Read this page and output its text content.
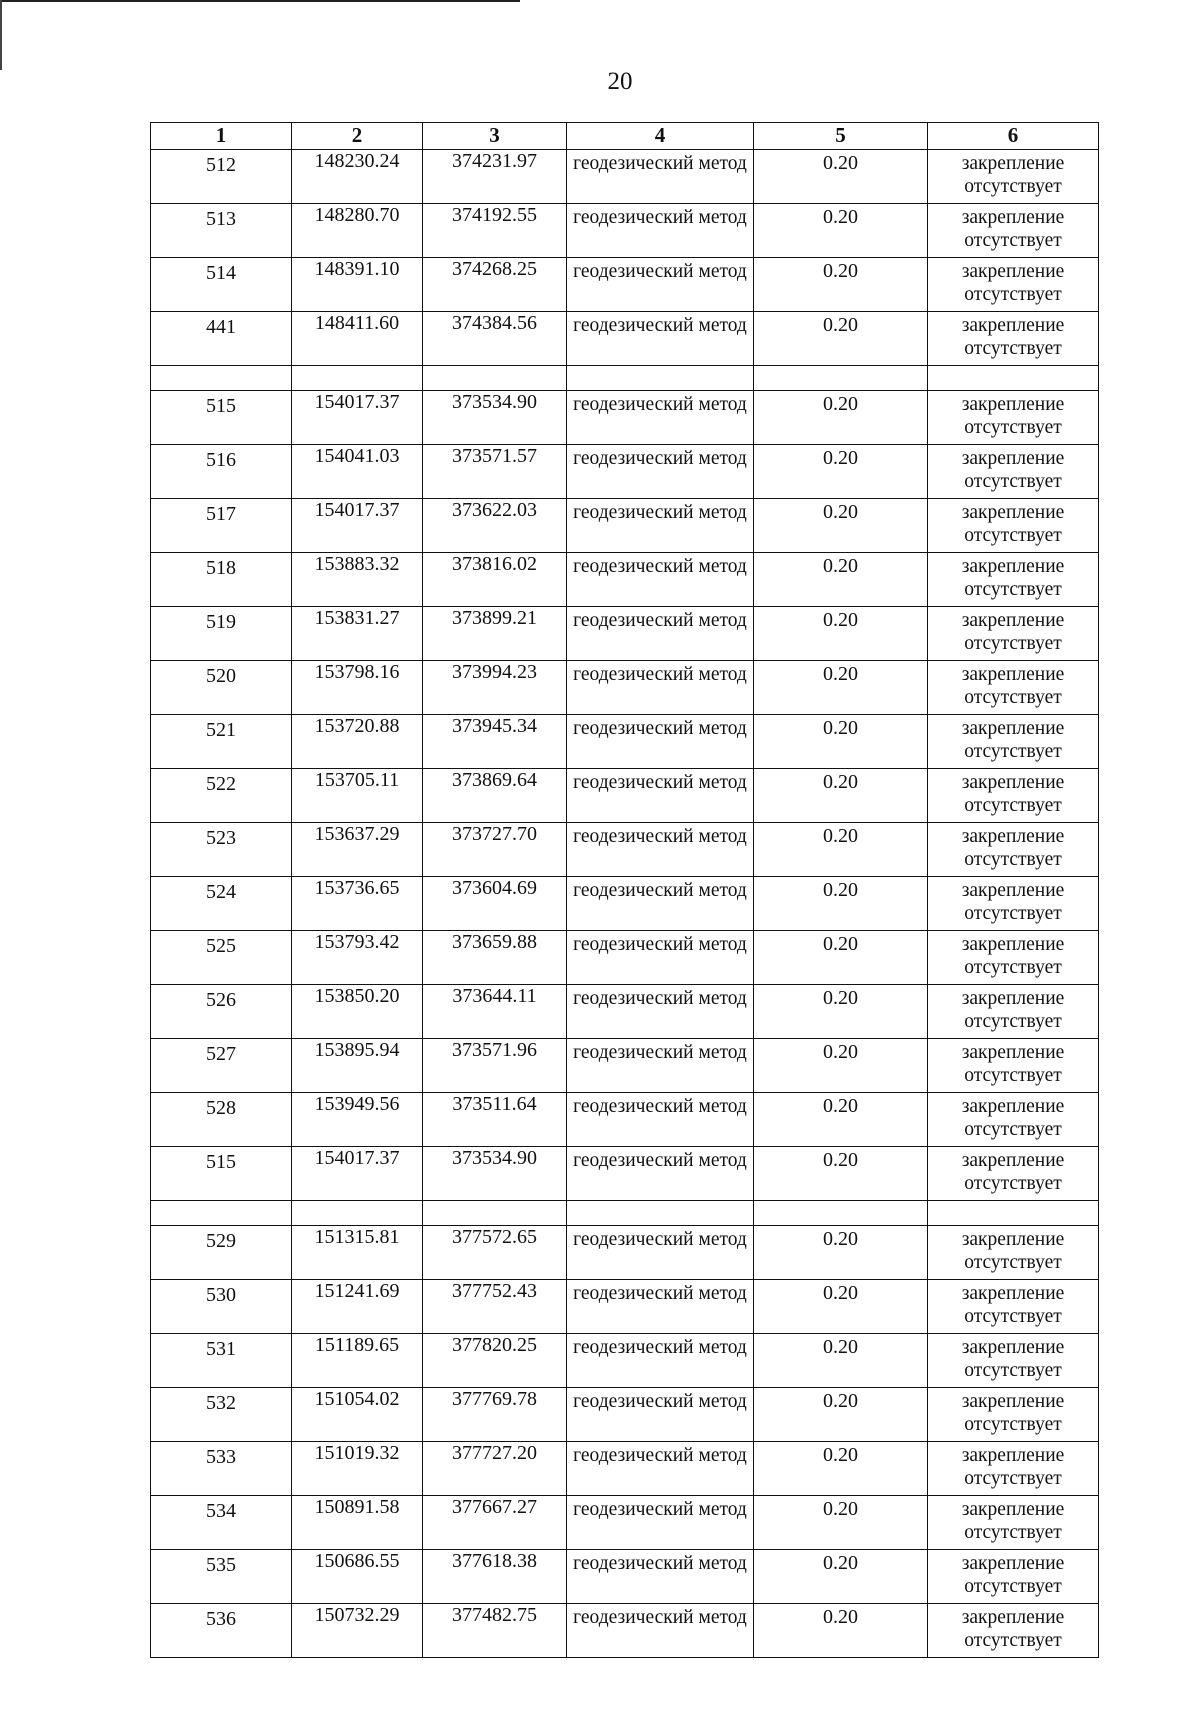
20
1	2	3	4	5	6
512	148230.24	374231.97	геодезический метод	0.20	закрепление отсутствует
513	148280.70	374192.55	геодезический метод	0.20	закрепление отсутствует
514	148391.10	374268.25	геодезический метод	0.20	закрепление отсутствует
441	148411.60	374384.56	геодезический метод	0.20	закрепление отсутствует

515	154017.37	373534.90	геодезический метод	0.20	закрепление отсутствует
516	154041.03	373571.57	геодезический метод	0.20	закрепление отсутствует
517	154017.37	373622.03	геодезический метод	0.20	закрепление отсутствует
518	153883.32	373816.02	геодезический метод	0.20	закрепление отсутствует
519	153831.27	373899.21	геодезический метод	0.20	закрепление отсутствует
520	153798.16	373994.23	геодезический метод	0.20	закрепление отсутствует
521	153720.88	373945.34	геодезический метод	0.20	закрепление отсутствует
522	153705.11	373869.64	геодезический метод	0.20	закрепление отсутствует
523	153637.29	373727.70	геодезический метод	0.20	закрепление отсутствует
524	153736.65	373604.69	геодезический метод	0.20	закрепление отсутствует
525	153793.42	373659.88	геодезический метод	0.20	закрепление отсутствует
526	153850.20	373644.11	геодезический метод	0.20	закрепление отсутствует
527	153895.94	373571.96	геодезический метод	0.20	закрепление отсутствует
528	153949.56	373511.64	геодезический метод	0.20	закрепление отсутствует
515	154017.37	373534.90	геодезический метод	0.20	закрепление отсутствует

529	151315.81	377572.65	геодезический метод	0.20	закрепление отсутствует
530	151241.69	377752.43	геодезический метод	0.20	закрепление отсутствует
531	151189.65	377820.25	геодезический метод	0.20	закрепление отсутствует
532	151054.02	377769.78	геодезический метод	0.20	закрепление отсутствует
533	151019.32	377727.20	геодезический метод	0.20	закрепление отсутствует
534	150891.58	377667.27	геодезический метод	0.20	закрепление отсутствует
535	150686.55	377618.38	геодезический метод	0.20	закрепление отсутствует
536	150732.29	377482.75	геодезический метод	0.20	закрепление отсутствует
